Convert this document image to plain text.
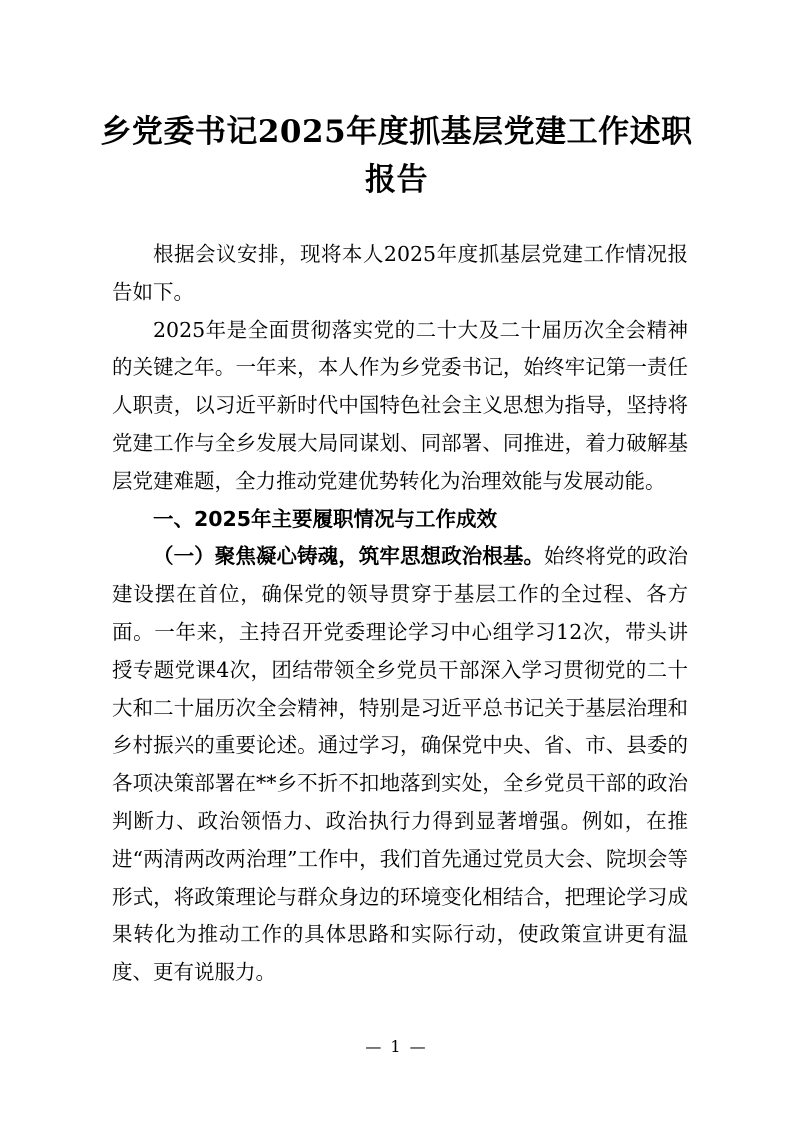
乡党委书记2025年度抓基层党建工作述职报告

根据会议安排，现将本人2025年度抓基层党建工作情况报告如下。

2025年是全面贯彻落实党的二十大及二十届历次全会精神的关键之年。一年来，本人作为乡党委书记，始终牢记第一责任人职责，以习近平新时代中国特色社会主义思想为指导，坚持将党建工作与全乡发展大局同谋划、同部署、同推进，着力破解基层党建难题，全力推动党建优势转化为治理效能与发展动能。

一、2025年主要履职情况与工作成效

（一）聚焦凝心铸魂，筑牢思想政治根基。始终将党的政治建设摆在首位，确保党的领导贯穿于基层工作的全过程、各方面。一年来，主持召开党委理论学习中心组学习12次，带头讲授专题党课4次，团结带领全乡党员干部深入学习贯彻党的二十大和二十届历次全会精神，特别是习近平总书记关于基层治理和乡村振兴的重要论述。通过学习，确保党中央、省、市、县委的各项决策部署在**乡不折不扣地落到实处，全乡党员干部的政治判断力、政治领悟力、政治执行力得到显著增强。例如，在推进“两清两改两治理”工作中，我们首先通过党员大会、院坝会等形式，将政策理论与群众身边的环境变化相结合，把理论学习成果转化为推动工作的具体思路和实际行动，使政策宣讲更有温度、更有说服力。

— 1 —
